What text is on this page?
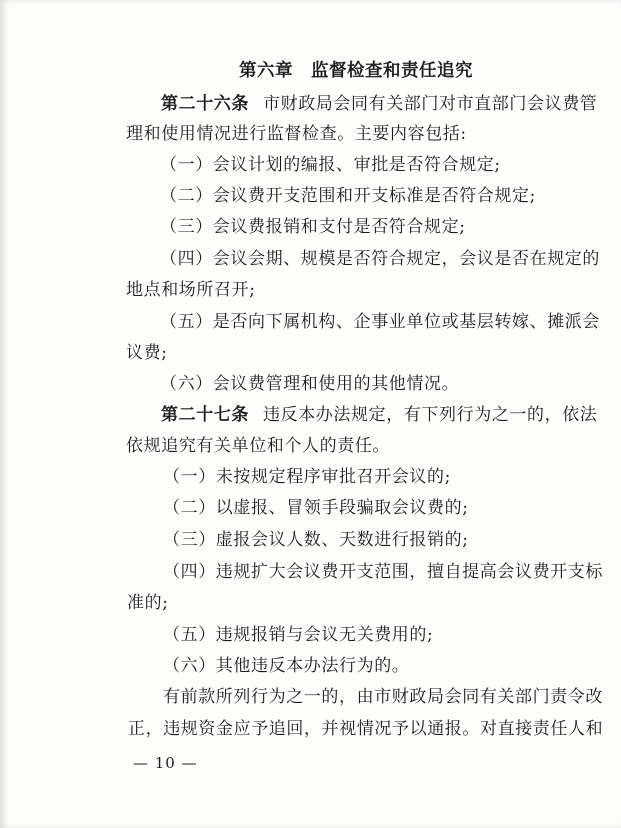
第六章　监督检查和责任追究
第二十六条 市财政局会同有关部门对市直部门会议费管
理和使用情况进行监督检查。主要内容包括:
（一）会议计划的编报、审批是否符合规定;
（二）会议费开支范围和开支标准是否符合规定;
（三）会议费报销和支付是否符合规定;
（四）会议会期、规模是否符合规定，会议是否在规定的
地点和场所召开;
（五）是否向下属机构、企事业单位或基层转嫁、摊派会
议费;
（六）会议费管理和使用的其他情况。
第二十七条 违反本办法规定，有下列行为之一的，依法
依规追究有关单位和个人的责任。
（一）未按规定程序审批召开会议的;
（二）以虚报、冒领手段骗取会议费的;
（三）虚报会议人数、天数进行报销的;
（四）违规扩大会议费开支范围，擅自提高会议费开支标
准的;
（五）违规报销与会议无关费用的;
（六）其他违反本办法行为的。
有前款所列行为之一的，由市财政局会同有关部门责令改
正，违规资金应予追回，并视情况予以通报。对直接责任人和
— 10 —
